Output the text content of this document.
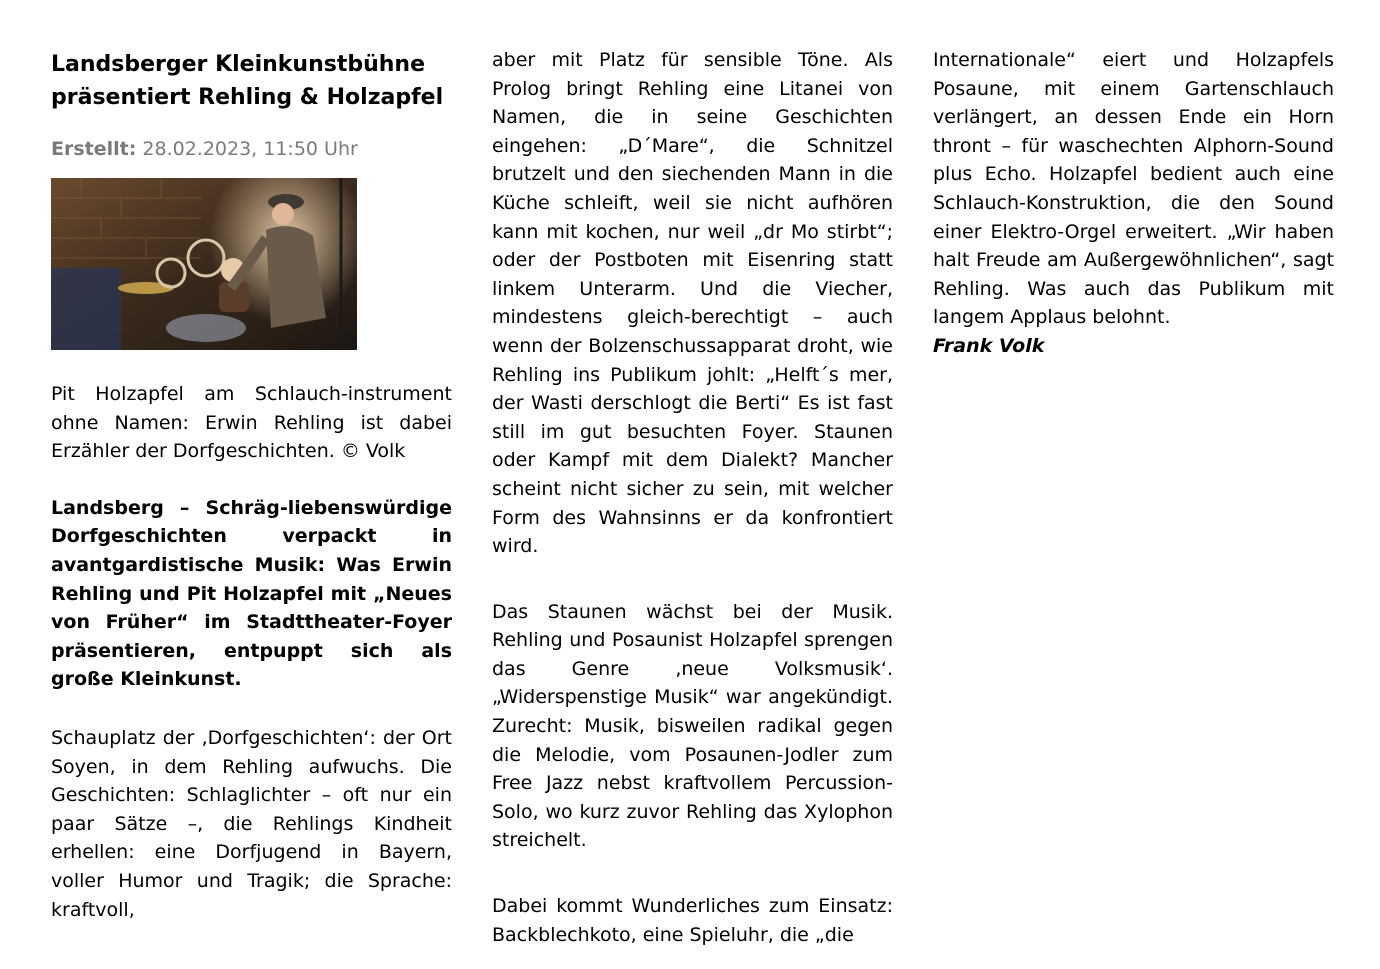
Landsberger Kleinkunstbühne präsentiert Rehling & Holzapfel
Erstellt: 28.02.2023, 11:50 Uhr

Pit Holzapfel am Schlauch-instrument ohne Namen: Erwin Rehling ist dabei Erzähler der Dorfgeschichten. © Volk

Landsberg – Schräg-liebenswürdige Dorfgeschichten verpackt in avantgardistische Musik: Was Erwin Rehling und Pit Holzapfel mit „Neues von Früher“ im Stadttheater-Foyer präsentieren, entpuppt sich als große Kleinkunst.

Schauplatz der ‚Dorfgeschichten‘: der Ort Soyen, in dem Rehling aufwuchs. Die Geschichten: Schlaglichter – oft nur ein paar Sätze –, die Rehlings Kindheit erhellen: eine Dorfjugend in Bayern, voller Humor und Tragik; die Sprache: kraftvoll,

aber mit Platz für sensible Töne. Als Prolog bringt Rehling eine Litanei von Namen, die in seine Geschichten eingehen: „D´Mare“, die Schnitzel brutzelt und den siechenden Mann in die Küche schleift, weil sie nicht aufhören kann mit kochen, nur weil „dr Mo stirbt“; oder der Postboten mit Eisenring statt linkem Unterarm. Und die Viecher, mindestens gleich-berechtigt – auch wenn der Bolzenschussapparat droht, wie Rehling ins Publikum johlt: „Helft´s mer, der Wasti derschlogt die Berti“ Es ist fast still im gut besuchten Foyer. Staunen oder Kampf mit dem Dialekt? Mancher scheint nicht sicher zu sein, mit welcher Form des Wahnsinns er da konfrontiert wird.

Das Staunen wächst bei der Musik. Rehling und Posaunist Holzapfel sprengen das Genre ‚neue Volksmusik‘. „Widerspenstige Musik“ war angekündigt. Zurecht: Musik, bisweilen radikal gegen die Melodie, vom Posaunen-Jodler zum Free Jazz nebst kraftvollem Percussion-Solo, wo kurz zuvor Rehling das Xylophon streichelt.

Dabei kommt Wunderliches zum Einsatz: Backblechkoto, eine Spieluhr, die „die

Internationale“ eiert und Holzapfels Posaune, mit einem Gartenschlauch verlängert, an dessen Ende ein Horn thront – für waschechten Alphorn-Sound plus Echo. Holzapfel bedient auch eine Schlauch-Konstruktion, die den Sound einer Elektro-Orgel erweitert. „Wir haben halt Freude am Außergewöhnlichen“, sagt Rehling. Was auch das Publikum mit langem Applaus belohnt.

Frank Volk
